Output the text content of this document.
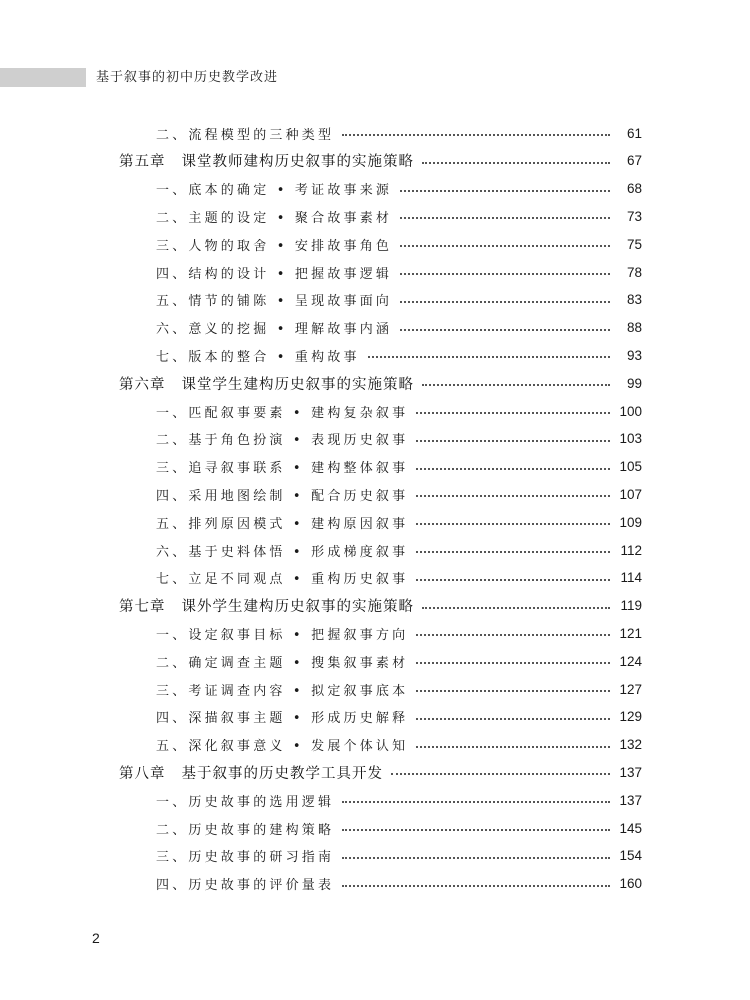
基于叙事的初中历史教学改进
二、流程模型的三种类型	61
第五章 课堂教师建构历史叙事的实施策略	67
一、底本的确定 • 考证故事来源	68
二、主题的设定 • 聚合故事素材	73
三、人物的取舍 • 安排故事角色	75
四、结构的设计 • 把握故事逻辑	78
五、情节的铺陈 • 呈现故事面向	83
六、意义的挖掘 • 理解故事内涵	88
七、版本的整合 • 重构故事	93
第六章 课堂学生建构历史叙事的实施策略	99
一、匹配叙事要素 • 建构复杂叙事	100
二、基于角色扮演 • 表现历史叙事	103
三、追寻叙事联系 • 建构整体叙事	105
四、采用地图绘制 • 配合历史叙事	107
五、排列原因模式 • 建构原因叙事	109
六、基于史料体悟 • 形成梯度叙事	112
七、立足不同观点 • 重构历史叙事	114
第七章 课外学生建构历史叙事的实施策略	119
一、设定叙事目标 • 把握叙事方向	121
二、确定调查主题 • 搜集叙事素材	124
三、考证调查内容 • 拟定叙事底本	127
四、深描叙事主题 • 形成历史解释	129
五、深化叙事意义 • 发展个体认知	132
第八章 基于叙事的历史教学工具开发	137
一、历史故事的选用逻辑	137
二、历史故事的建构策略	145
三、历史故事的研习指南	154
四、历史故事的评价量表	160
2
